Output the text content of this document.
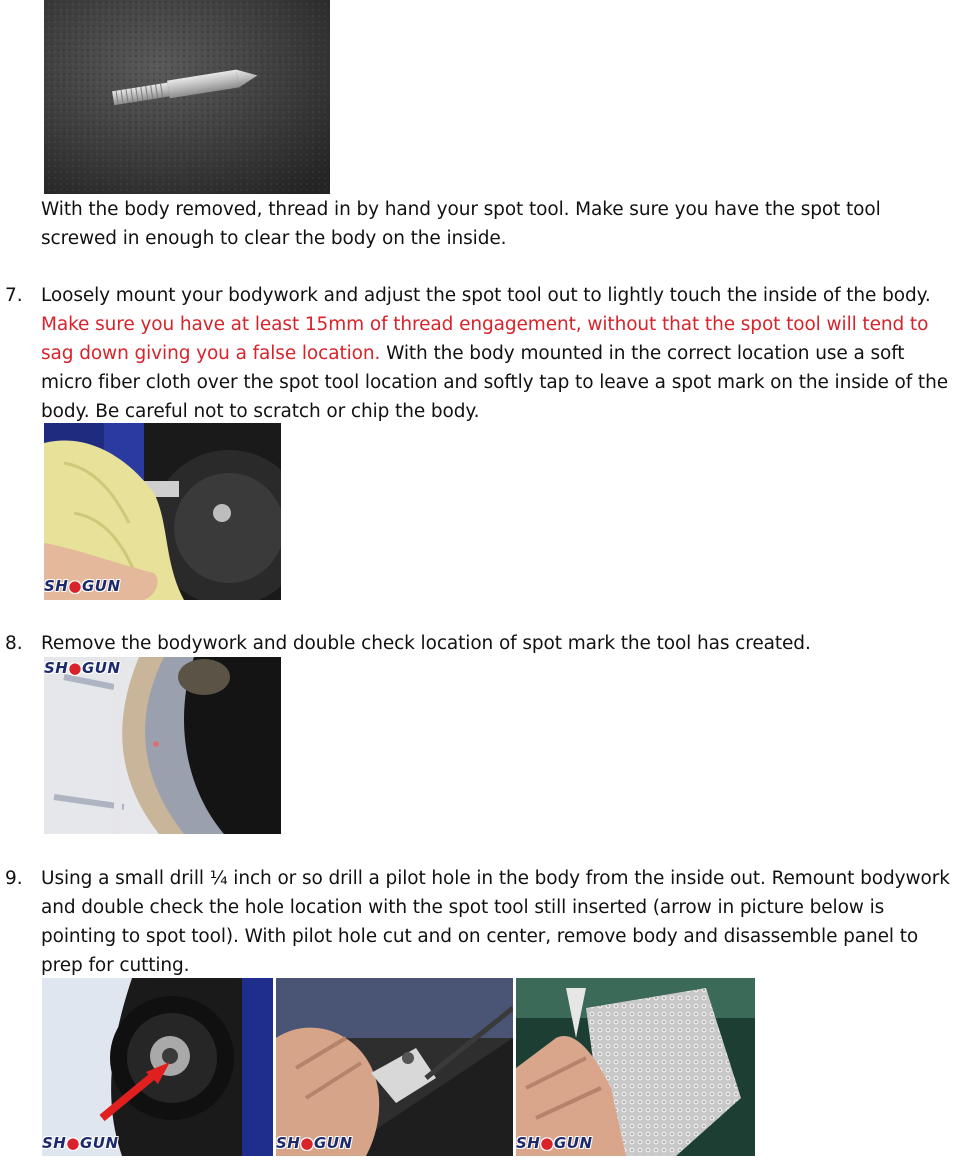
With the body removed, thread in by hand your spot tool. Make sure you have the spot tool screwed in enough to clear the body on the inside.
7. Loosely mount your bodywork and adjust the spot tool out to lightly touch the inside of the body. Make sure you have at least 15mm of thread engagement, without that the spot tool will tend to sag down giving you a false location. With the body mounted in the correct location use a soft micro fiber cloth over the spot tool location and softly tap to leave a spot mark on the inside of the body. Be careful not to scratch or chip the body.
SH●GUN
8. Remove the bodywork and double check location of spot mark the tool has created.
SH●GUN
9. Using a small drill ¼ inch or so drill a pilot hole in the body from the inside out. Remount bodywork and double check the hole location with the spot tool still inserted (arrow in picture below is pointing to spot tool). With pilot hole cut and on center, remove body and disassemble panel to prep for cutting.
SH●GUN	SH●GUN	SH●GUN
